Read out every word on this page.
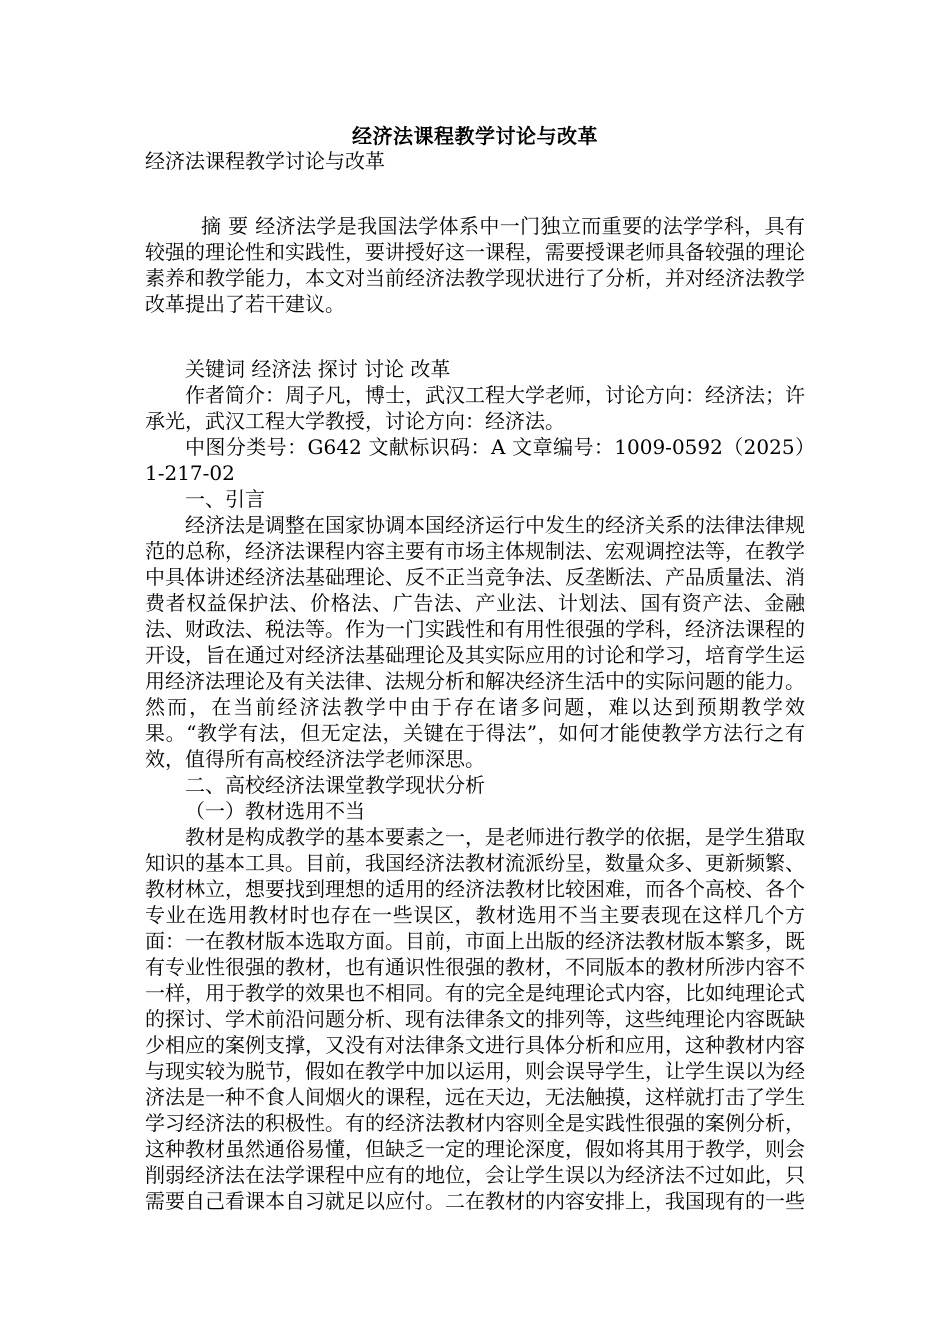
经济法课程教学讨论与改革

经济法课程教学讨论与改革

摘 要 经济法学是我国法学体系中一门独立而重要的法学学科，具有较强的理论性和实践性，要讲授好这一课程，需要授课老师具备较强的理论素养和教学能力，本文对当前经济法教学现状进行了分析，并对经济法教学改革提出了若干建议。

关键词 经济法 探讨 讨论 改革

作者简介：周子凡，博士，武汉工程大学老师，讨论方向：经济法；许承光，武汉工程大学教授，讨论方向：经济法。

中图分类号：G642 文献标识码：A 文章编号：1009-0592（2025）1-217-02

一、引言

经济法是调整在国家协调本国经济运行中发生的经济关系的法律法律规范的总称，经济法课程内容主要有市场主体规制法、宏观调控法等，在教学中具体讲述经济法基础理论、反不正当竞争法、反垄断法、产品质量法、消费者权益保护法、价格法、广告法、产业法、计划法、国有资产法、金融法、财政法、税法等。作为一门实践性和有用性很强的学科，经济法课程的开设，旨在通过对经济法基础理论及其实际应用的讨论和学习，培育学生运用经济法理论及有关法律、法规分析和解决经济生活中的实际问题的能力。然而，在当前经济法教学中由于存在诸多问题，难以达到预期教学效果。“教学有法，但无定法，关键在于得法”，如何才能使教学方法行之有效，值得所有高校经济法学老师深思。

二、高校经济法课堂教学现状分析

（一）教材选用不当

教材是构成教学的基本要素之一，是老师进行教学的依据，是学生猎取知识的基本工具。目前，我国经济法教材流派纷呈，数量众多、更新频繁、教材林立，想要找到理想的适用的经济法教材比较困难，而各个高校、各个专业在选用教材时也存在一些误区，教材选用不当主要表现在这样几个方面：一在教材版本选取方面。目前，市面上出版的经济法教材版本繁多，既有专业性很强的教材，也有通识性很强的教材，不同版本的教材所涉内容不一样，用于教学的效果也不相同。有的完全是纯理论式内容，比如纯理论式的探讨、学术前沿问题分析、现有法律条文的排列等，这些纯理论内容既缺少相应的案例支撑，又没有对法律条文进行具体分析和应用，这种教材内容与现实较为脱节，假如在教学中加以运用，则会误导学生，让学生误以为经济法是一种不食人间烟火的课程，远在天边，无法触摸，这样就打击了学生学习经济法的积极性。有的经济法教材内容则全是实践性很强的案例分析，这种教材虽然通俗易懂，但缺乏一定的理论深度，假如将其用于教学，则会削弱经济法在法学课程中应有的地位，会让学生误以为经济法不过如此，只需要自己看课本自习就足以应付。二在教材的内容安排上，我国现有的一些
